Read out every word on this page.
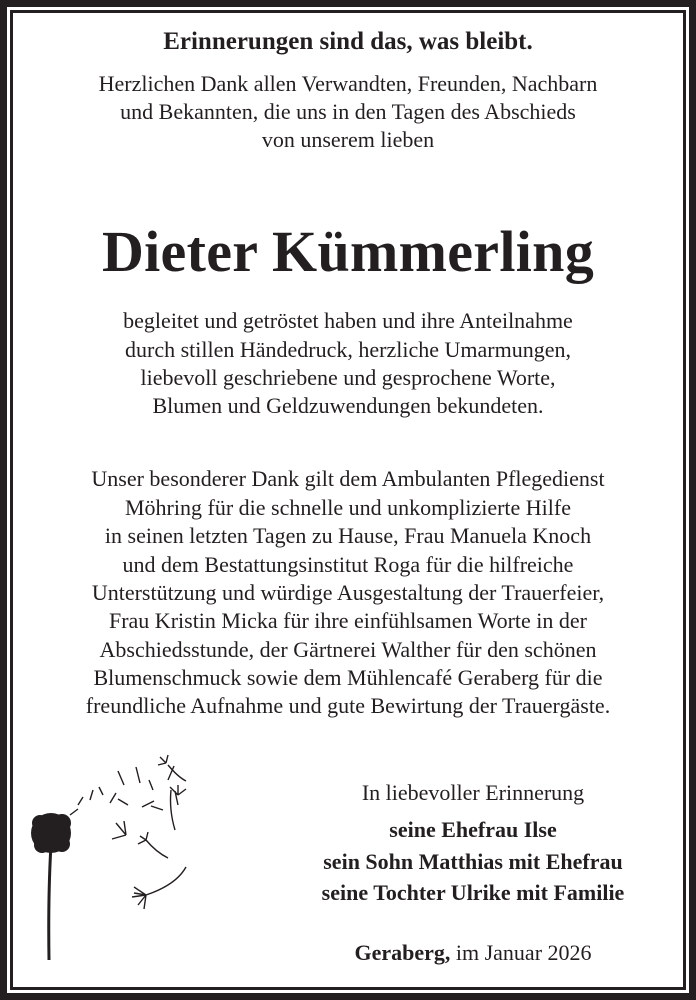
Erinnerungen sind das, was bleibt.
Herzlichen Dank allen Verwandten, Freunden, Nachbarn
und Bekannten, die uns in den Tagen des Abschieds
von unserem lieben
Dieter Kümmerling
begleitet und getröstet haben und ihre Anteilnahme
durch stillen Händedruck, herzliche Umarmungen,
liebevoll geschriebene und gesprochene Worte,
Blumen und Geldzuwendungen bekundeten.
Unser besonderer Dank gilt dem Ambulanten Pflegedienst
Möhring für die schnelle und unkomplizierte Hilfe
in seinen letzten Tagen zu Hause, Frau Manuela Knoch
und dem Bestattungsinstitut Roga für die hilfreiche
Unterstützung und würdige Ausgestaltung der Trauerfeier,
Frau Kristin Micka für ihre einfühlsamen Worte in der
Abschiedsstunde, der Gärtnerei Walther für den schönen
Blumenschmuck sowie dem Mühlencafé Geraberg für die
freundliche Aufnahme und gute Bewirtung der Trauergäste.
In liebevoller Erinnerung
seine Ehefrau Ilse
sein Sohn Matthias mit Ehefrau
seine Tochter Ulrike mit Familie
Geraberg, im Januar 2026
